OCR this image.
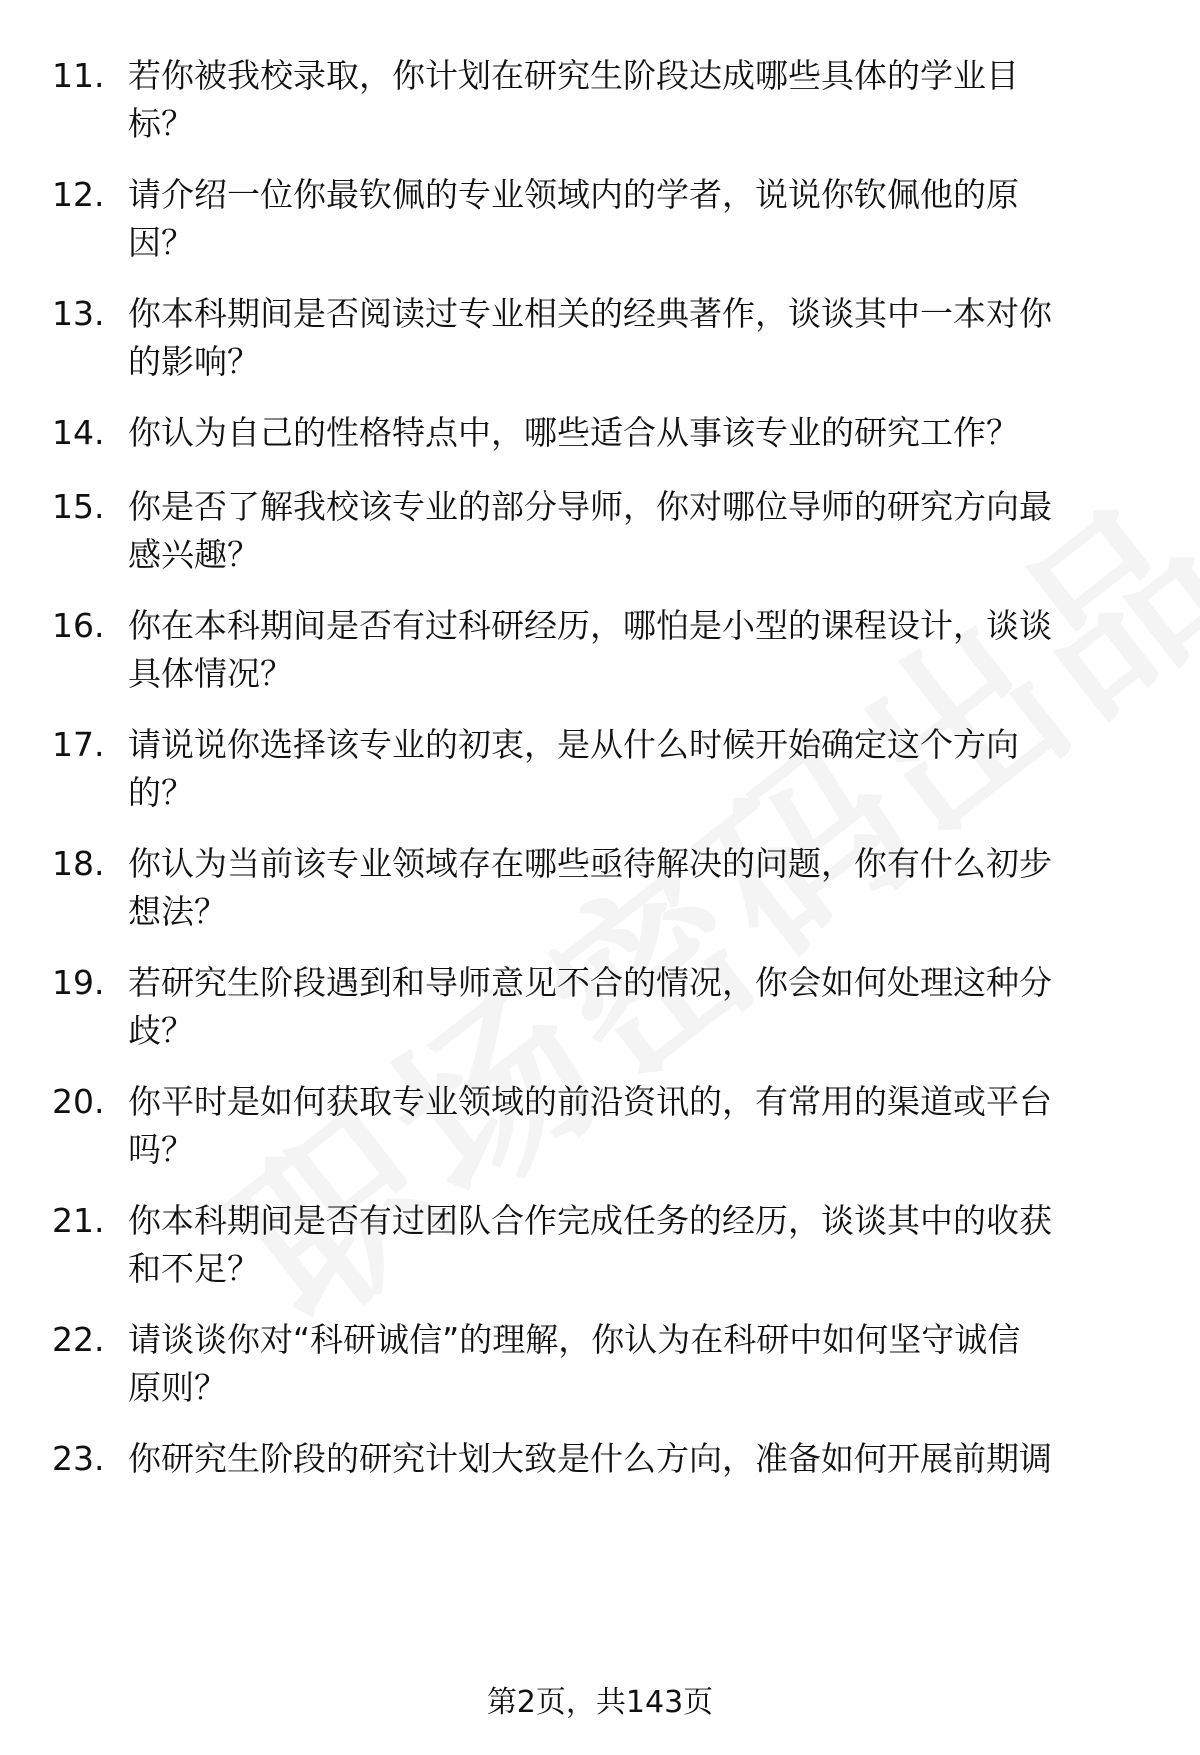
11. 若你被我校录取，你计划在研究生阶段达成哪些具体的学业目
标？
12. 请介绍一位你最钦佩的专业领域内的学者，说说你钦佩他的原
因？
13. 你本科期间是否阅读过专业相关的经典著作，谈谈其中一本对你
的影响？
14. 你认为自己的性格特点中，哪些适合从事该专业的研究工作？
15. 你是否了解我校该专业的部分导师，你对哪位导师的研究方向最
感兴趣？
16. 你在本科期间是否有过科研经历，哪怕是小型的课程设计，谈谈
具体情况？
17. 请说说你选择该专业的初衷，是从什么时候开始确定这个方向
的？
18. 你认为当前该专业领域存在哪些亟待解决的问题，你有什么初步
想法？
19. 若研究生阶段遇到和导师意见不合的情况，你会如何处理这种分
歧？
20. 你平时是如何获取专业领域的前沿资讯的，有常用的渠道或平台
吗？
21. 你本科期间是否有过团队合作完成任务的经历，谈谈其中的收获
和不足？
22. 请谈谈你对“科研诚信”的理解，你认为在科研中如何坚守诚信
原则？
23. 你研究生阶段的研究计划大致是什么方向，准备如何开展前期调
第2页，共143页
